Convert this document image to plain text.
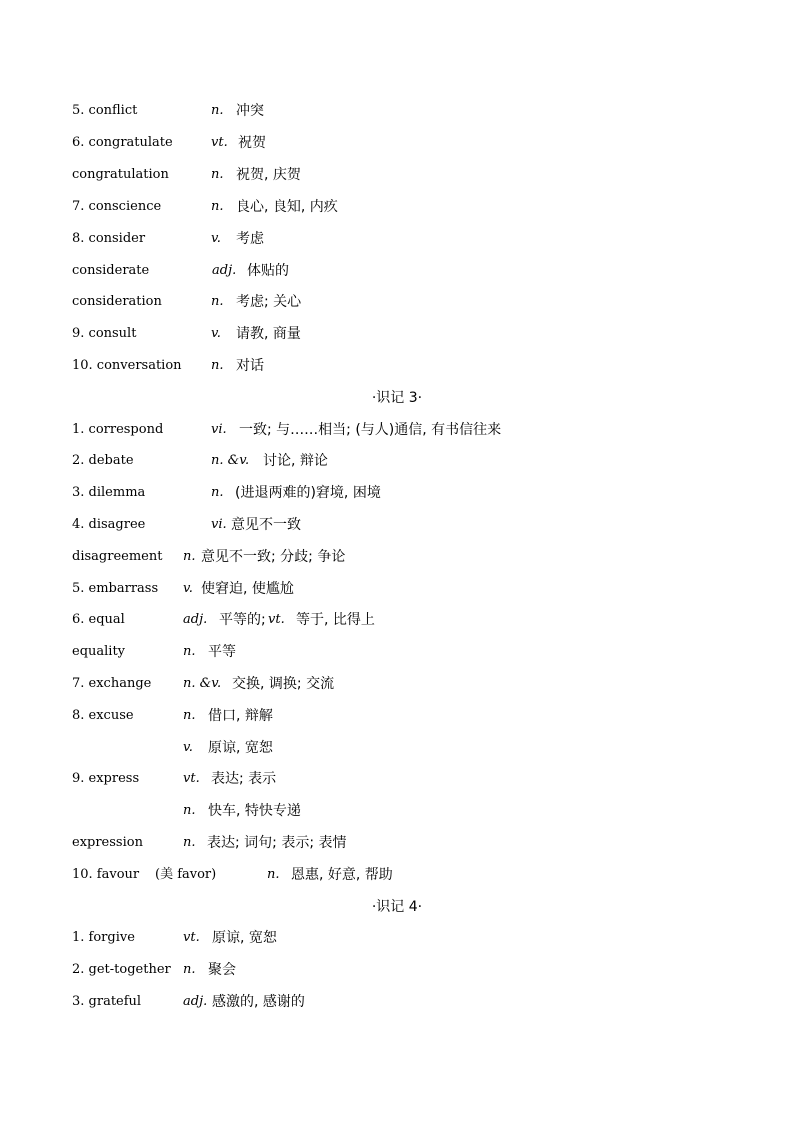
5. conflict	n. 冲突
6. congratulate	vt. 祝贺
congratulation	n. 祝贺, 庆贺
7. conscience	n. 良心, 良知, 内疚
8. consider	v. 考虑
considerate	adj. 体贴的
consideration	n. 考虑; 关心
9. consult	v. 请教, 商量
10. conversation n. 对话
·识记 3·
1. correspond	vi. 一致; 与……相当; (与人)通信, 有书信往来
2. debate	n. &v. 讨论, 辩论
3. dilemma	n. (进退两难的)窘境, 困境
4. disagree	vi. 意见不一致
disagreement n. 意见不一致; 分歧; 争论
5. embarrass v. 使窘迫, 使尴尬
6. equal	adj. 平等的; vt. 等于, 比得上
equality	n. 平等
7. exchange n. &v. 交换, 调换; 交流
8. excuse	n. 借口, 辩解
v. 原谅, 宽恕
9. express	vt. 表达; 表示
n. 快车, 特快专递
expression	n. 表达; 词句; 表示; 表情
10. favour (美 favor)	n. 恩惠, 好意, 帮助
·识记 4·
1. forgive	vt. 原谅, 宽恕
2. get-together n. 聚会
3. grateful	adj. 感激的, 感谢的
